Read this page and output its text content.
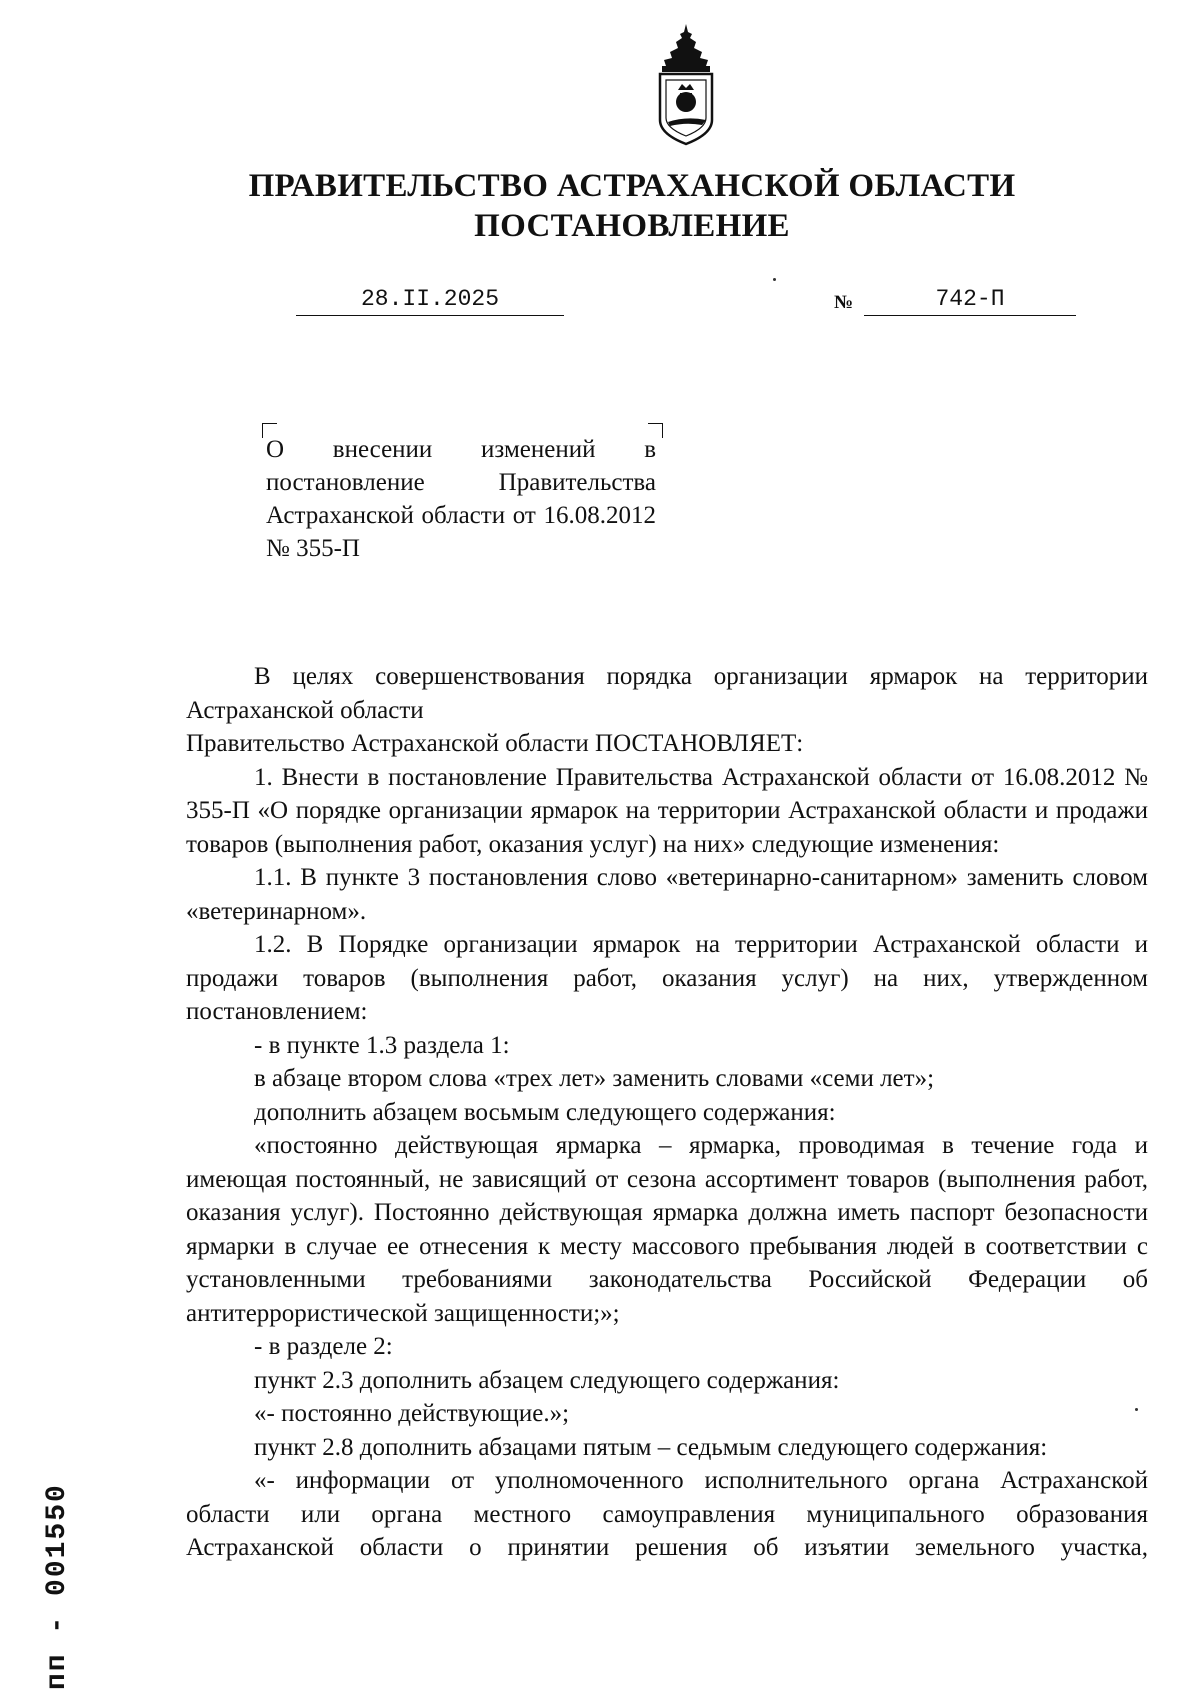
ПРАВИТЕЛЬСТВО АСТРАХАНСКОЙ ОБЛАСТИ
ПОСТАНОВЛЕНИЕ
28.II.2025	№	742-П
О внесении изменений в постановление Правительства Астраханской области от 16.08.2012 № 355-П

В целях совершенствования порядка организации ярмарок на территории Астраханской области

Правительство Астраханской области ПОСТАНОВЛЯЕТ:

1. Внести в постановление Правительства Астраханской области от 16.08.2012 № 355-П «О порядке организации ярмарок на территории Астраханской области и продажи товаров (выполнения работ, оказания услуг) на них» следующие изменения:

1.1. В пункте 3 постановления слово «ветеринарно-санитарном» заменить словом «ветеринарном».

1.2. В Порядке организации ярмарок на территории Астраханской области и продажи товаров (выполнения работ, оказания услуг) на них, утвержденном постановлением:

- в пункте 1.3 раздела 1:

в абзаце втором слова «трех лет» заменить словами «семи лет»;

дополнить абзацем восьмым следующего содержания:

«постоянно действующая ярмарка – ярмарка, проводимая в течение года и имеющая постоянный, не зависящий от сезона ассортимент товаров (выполнения работ, оказания услуг). Постоянно действующая ярмарка должна иметь паспорт безопасности ярмарки в случае ее отнесения к месту массового пребывания людей в соответствии с установленными требованиями законодательства Российской Федерации об антитеррористической защищенности;»;

- в разделе 2:

пункт 2.3 дополнить абзацем следующего содержания:

«- постоянно действующие.»;

пункт 2.8 дополнить абзацами пятым – седьмым следующего содержания:

«- информации от уполномоченного исполнительного органа Астраханской области или органа местного самоуправления муниципального образования Астраханской области о принятии решения об изъятии земельного участка,

пп - 001550
